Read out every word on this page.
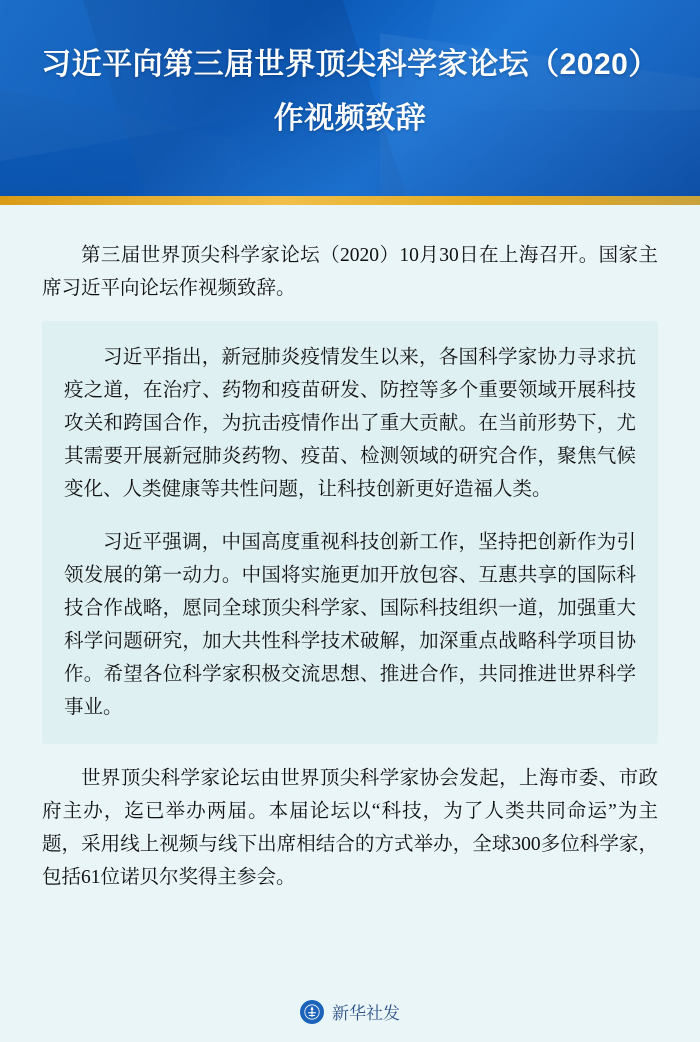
习近平向第三届世界顶尖科学家论坛（2020）
作视频致辞

第三届世界顶尖科学家论坛（2020）10月30日在上海召开。国家主席习近平向论坛作视频致辞。

习近平指出，新冠肺炎疫情发生以来，各国科学家协力寻求抗疫之道，在治疗、药物和疫苗研发、防控等多个重要领域开展科技攻关和跨国合作，为抗击疫情作出了重大贡献。在当前形势下，尤其需要开展新冠肺炎药物、疫苗、检测领域的研究合作，聚焦气候变化、人类健康等共性问题，让科技创新更好造福人类。

习近平强调，中国高度重视科技创新工作，坚持把创新作为引领发展的第一动力。中国将实施更加开放包容、互惠共享的国际科技合作战略，愿同全球顶尖科学家、国际科技组织一道，加强重大科学问题研究，加大共性科学技术破解，加深重点战略科学项目协作。希望各位科学家积极交流思想、推进合作，共同推进世界科学事业。

世界顶尖科学家论坛由世界顶尖科学家协会发起，上海市委、市政府主办，迄已举办两届。本届论坛以“科技，为了人类共同命运”为主题，采用线上视频与线下出席相结合的方式举办，全球300多位科学家，包括61位诺贝尔奖得主参会。

新华社发
